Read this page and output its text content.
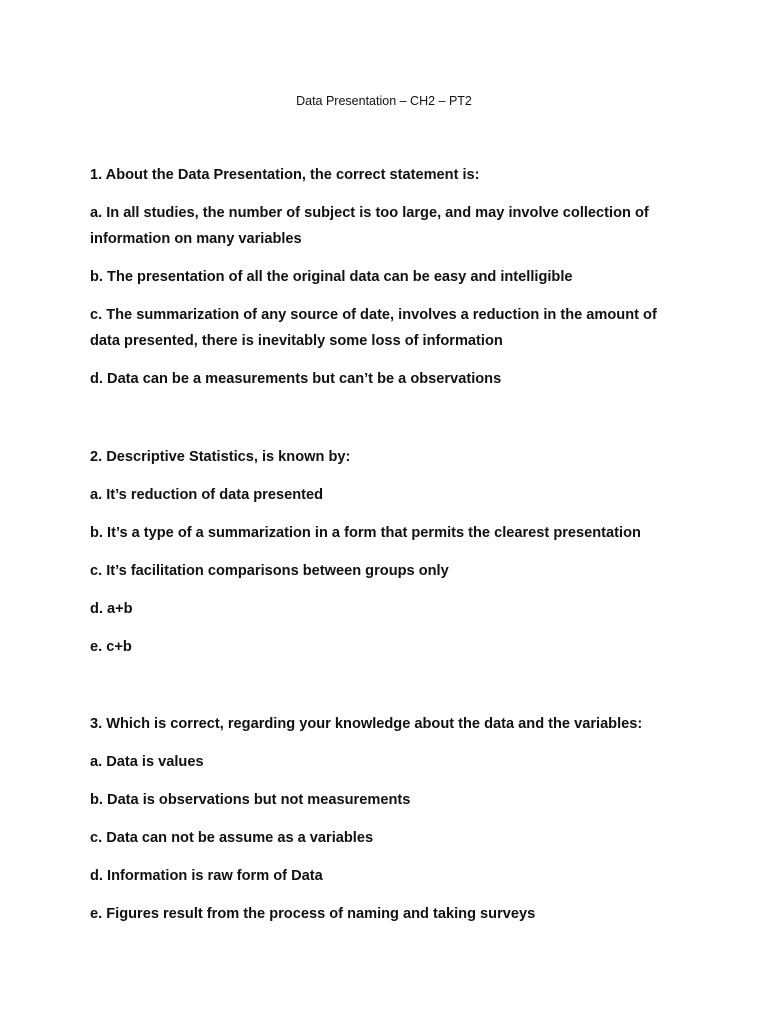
Data Presentation – CH2 – PT2

1. About the Data Presentation, the correct statement is:

a. In all studies, the number of subject is too large, and may involve collection of information on many variables

b. The presentation of all the original data can be easy and intelligible

c. The summarization of any source of date, involves a reduction in the amount of data presented, there is inevitably some loss of information

d. Data can be a measurements but can’t be a observations

2. Descriptive Statistics, is known by:

a. It’s reduction of data presented

b. It’s a type of a summarization in a form that permits the clearest presentation

c. It’s facilitation comparisons between groups only

d. a+b

e. c+b

3. Which is correct, regarding your knowledge about the data and the variables:

a. Data is values

b. Data is observations but not measurements

c. Data can not be assume as a variables

d. Information is raw form of Data

e. Figures result from the process of naming and taking surveys
